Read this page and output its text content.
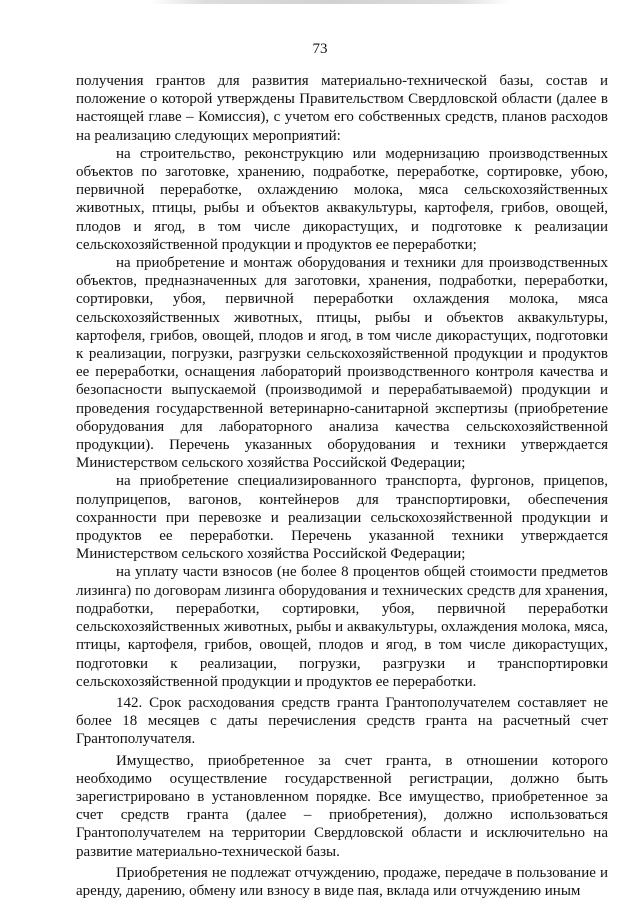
73

получения грантов для развития материально-технической базы, состав и положение о которой утверждены Правительством Свердловской области (далее в настоящей главе – Комиссия), с учетом его собственных средств, планов расходов на реализацию следующих мероприятий:

на строительство, реконструкцию или модернизацию производственных объектов по заготовке, хранению, подработке, переработке, сортировке, убою, первичной переработке, охлаждению молока, мяса сельскохозяйственных животных, птицы, рыбы и объектов аквакультуры, картофеля, грибов, овощей, плодов и ягод, в том числе дикорастущих, и подготовке к реализации сельскохозяйственной продукции и продуктов ее переработки;

на приобретение и монтаж оборудования и техники для производственных объектов, предназначенных для заготовки, хранения, подработки, переработки, сортировки, убоя, первичной переработки охлаждения молока, мяса сельскохозяйственных животных, птицы, рыбы и объектов аквакультуры, картофеля, грибов, овощей, плодов и ягод, в том числе дикорастущих, подготовки к реализации, погрузки, разгрузки сельскохозяйственной продукции и продуктов ее переработки, оснащения лабораторий производственного контроля качества и безопасности выпускаемой (производимой и перерабатываемой) продукции и проведения государственной ветеринарно-санитарной экспертизы (приобретение оборудования для лабораторного анализа качества сельскохозяйственной продукции). Перечень указанных оборудования и техники утверждается Министерством сельского хозяйства Российской Федерации;

на приобретение специализированного транспорта, фургонов, прицепов, полуприцепов, вагонов, контейнеров для транспортировки, обеспечения сохранности при перевозке и реализации сельскохозяйственной продукции и продуктов ее переработки. Перечень указанной техники утверждается Министерством сельского хозяйства Российской Федерации;

на уплату части взносов (не более 8 процентов общей стоимости предметов лизинга) по договорам лизинга оборудования и технических средств для хранения, подработки, переработки, сортировки, убоя, первичной переработки сельскохозяйственных животных, рыбы и аквакультуры, охлаждения молока, мяса, птицы, картофеля, грибов, овощей, плодов и ягод, в том числе дикорастущих, подготовки к реализации, погрузки, разгрузки и транспортировки сельскохозяйственной продукции и продуктов ее переработки.

142. Срок расходования средств гранта Грантополучателем составляет не более 18 месяцев с даты перечисления средств гранта на расчетный счет Грантополучателя.

Имущество, приобретенное за счет гранта, в отношении которого необходимо осуществление государственной регистрации, должно быть зарегистрировано в установленном порядке. Все имущество, приобретенное за счет средств гранта (далее – приобретения), должно использоваться Грантополучателем на территории Свердловской области и исключительно на развитие материально-технической базы.

Приобретения не подлежат отчуждению, продаже, передаче в пользование и аренду, дарению, обмену или взносу в виде пая, вклада или отчуждению иным
